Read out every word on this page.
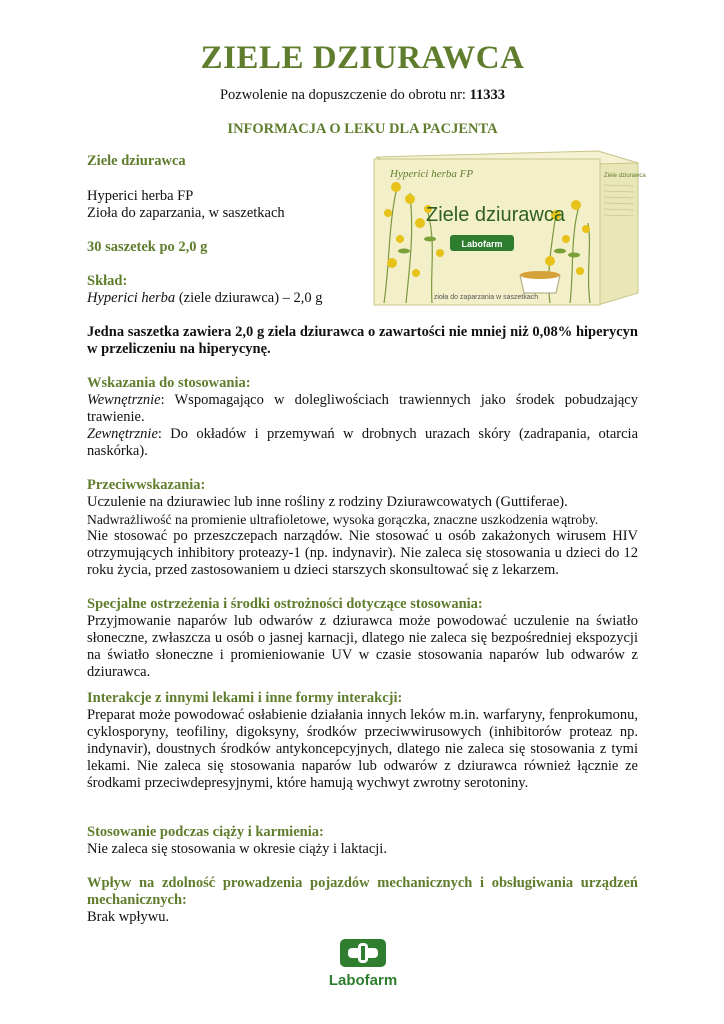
ZIELE DZIURAWCA
Pozwolenie na dopuszczenie do obrotu nr: 11333
INFORMACJA O LEKU DLA PACJENTA
Ziele dziurawca
Hyperici herba FP
Zioła do zaparzania, w saszetkach
30 saszetek po 2,0 g
Skład:
Hyperici herba (ziele dziurawca) – 2,0 g
Jedna saszetka zawiera 2,0 g ziela dziurawca o zawartości nie mniej niż 0,08% hiperycyn w przeliczeniu na hiperycynę.
Wskazania do stosowania:
Wewnętrznie: Wspomagająco w dolegliwościach trawiennych jako środek pobudzający trawienie.
Zewnętrznie: Do okładów i przemywań w drobnych urazach skóry (zadrapania, otarcia naskórka).
Przeciwwskazania:
Uczulenie na dziurawiec lub inne rośliny z rodziny Dziurawcowatych (Guttiferae).
Nadwrażliwość na promienie ultrafioletowe, wysoka gorączka, znaczne uszkodzenia wątroby.
Nie stosować po przeszczepach narządów. Nie stosować u osób zakażonych wirusem HIV otrzymujących inhibitory proteazy-1 (np. indynavir). Nie zaleca się stosowania u dzieci do 12 roku życia, przed zastosowaniem u dzieci starszych skonsultować się z lekarzem.
Specjalne ostrzeżenia i środki ostrożności dotyczące stosowania:
Przyjmowanie naparów lub odwarów z dziurawca może powodować uczulenie na światło słoneczne, zwłaszcza u osób o jasnej karnacji, dlatego nie zaleca się bezpośredniej ekspozycji na światło słoneczne i promieniowanie UV w czasie stosowania naparów lub odwarów z dziurawca.
Interakcje z innymi lekami i inne formy interakcji:
Preparat może powodować osłabienie działania innych leków m.in. warfaryny, fenprokumonu, cyklosporyny, teofiliny, digoksyny, środków przeciwwirusowych (inhibitorów proteaz np. indynavir), doustnych środków antykoncepcyjnych, dlatego nie zaleca się stosowania z tymi lekami. Nie zaleca się stosowania naparów lub odwarów z dziurawca również łącznie ze środkami przeciwdepresyjnymi, które hamują wychwyt zwrotny serotoniny.
Stosowanie podczas ciąży i karmienia:
Nie zaleca się stosowania w okresie ciąży i laktacji.
Wpływ na zdolność prowadzenia pojazdów mechanicznych i obsługiwania urządzeń mechanicznych:
Brak wpływu.
Hyperici herba FP
Ziele dziurawca
Labofarm
zioła do zaparzania w saszetkach
Ziele dziurawca
Labofarm
